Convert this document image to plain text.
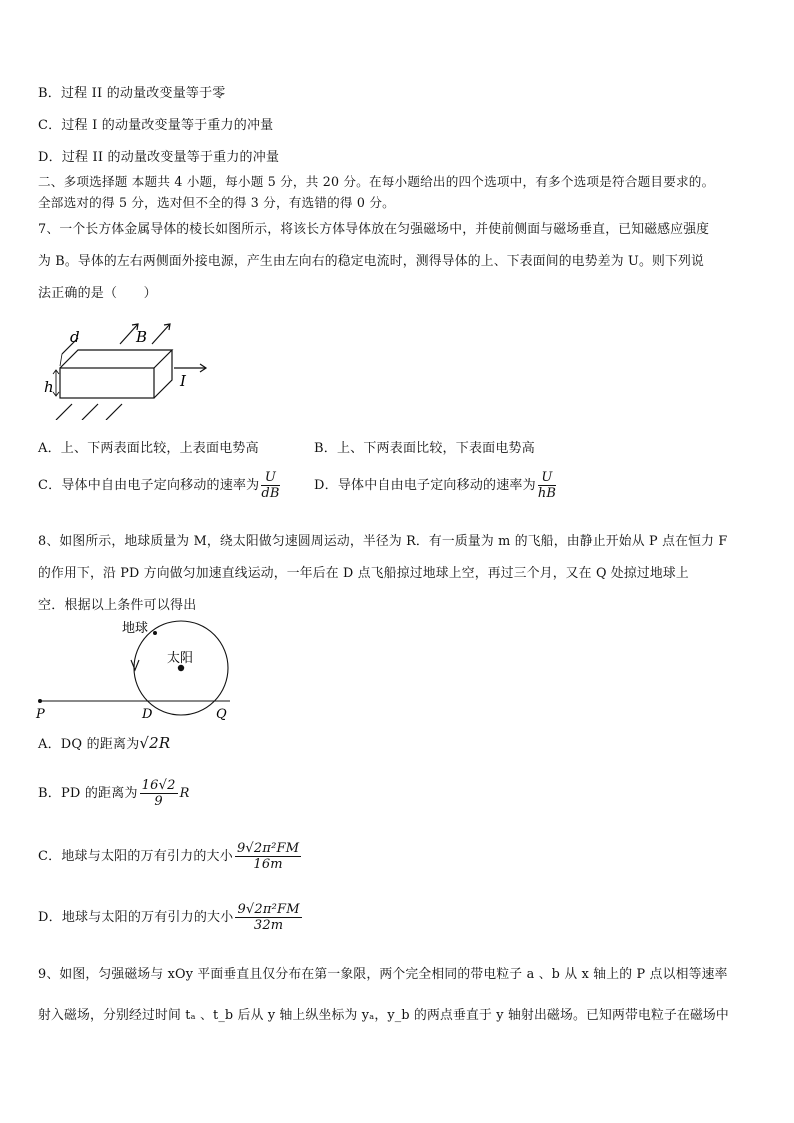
B．过程 II 的动量改变量等于零
C．过程 I 的动量改变量等于重力的冲量
D．过程 II 的动量改变量等于重力的冲量
二、多项选择题 本题共 4 小题，每小题 5 分，共 20 分。在每小题给出的四个选项中，有多个选项是符合题目要求的。
全部选对的得 5 分，选对但不全的得 3 分，有选错的得 0 分。
7、一个长方体金属导体的棱长如图所示，将该长方体导体放在匀强磁场中，并使前侧面与磁场垂直，已知磁感应强度
为 B。导体的左右两侧面外接电源，产生由左向右的稳定电流时，测得导体的上、下表面间的电势差为 U。则下列说
法正确的是（　　）
d	B
h	I
A．上、下两表面比较，上表面电势高	B．上、下两表面比较，下表面电势高
C．导体中自由电子定向移动的速率为 $\frac{U}{dB}$	D．导体中自由电子定向移动的速率为 $\frac{U}{hB}$
8、如图所示，地球质量为 M，绕太阳做匀速圆周运动，半径为 R．有一质量为 m 的飞船，由静止开始从 P 点在恒力 F
的作用下，沿 PD 方向做匀加速直线运动，一年后在 D 点飞船掠过地球上空，再过三个月，又在 Q 处掠过地球上
空．根据以上条件可以得出
地球
太阳
P	D	Q
A．DQ 的距离为√2R
B．PD 的距离为 $\frac{16√2}{9}$ R
C．地球与太阳的万有引力的大小 $\frac{\text{9√2π²FM}}{16m}$
D．地球与太阳的万有引力的大小 $\frac{\text{9√2π²FM}}{32m}$
9、如图，匀强磁场与 xOy 平面垂直且仅分布在第一象限，两个完全相同的带电粒子 a 、b 从 x 轴上的 P 点以相等速率
射入磁场，分别经过时间 tₐ 、t_b 后从 y 轴上纵坐标为 yₐ，y_b 的两点垂直于 y 轴射出磁场。已知两带电粒子在磁场中
